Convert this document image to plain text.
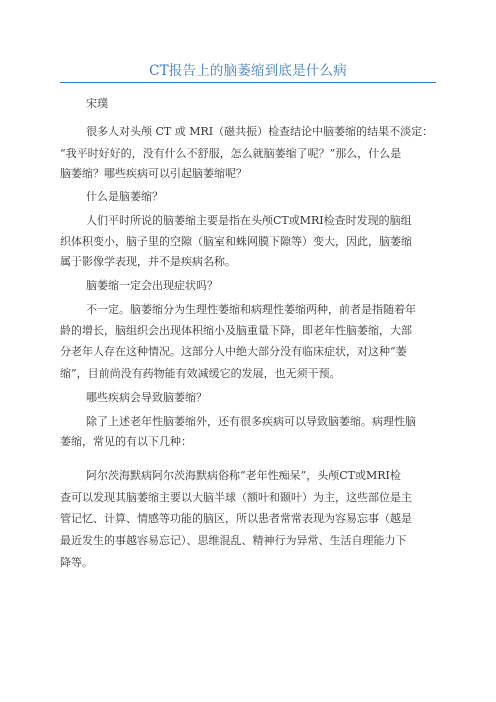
CT报告上的脑萎缩到底是什么病
宋璞
很多人对头颅 CT 或 MRI（磁共振）检查结论中脑萎缩的结果不淡定：
“我平时好好的，没有什么不舒服，怎么就脑萎缩了呢？”那么，什么是
脑萎缩？哪些疾病可以引起脑萎缩呢？
什么是脑萎缩？
人们平时所说的脑萎缩主要是指在头颅CT或MRI检查时发现的脑组
织体积变小，脑子里的空隙（脑室和蛛网膜下隙等）变大，因此，脑萎缩
属于影像学表现，并不是疾病名称。
脑萎缩一定会出现症状吗？
不一定。脑萎缩分为生理性萎缩和病理性萎缩两种，前者是指随着年
龄的增长，脑组织会出现体积缩小及脑重量下降，即老年性脑萎缩，大部
分老年人存在这种情况。这部分人中绝大部分没有临床症状，对这种“萎
缩”，目前尚没有药物能有效减缓它的发展，也无须干预。
哪些疾病会导致脑萎缩？
除了上述老年性脑萎缩外，还有很多疾病可以导致脑萎缩。病理性脑
萎缩，常见的有以下几种：
阿尔茨海默病阿尔茨海默病俗称“老年性痴呆”，头颅CT或MRI检
查可以发现其脑萎缩主要以大脑半球（额叶和颞叶）为主，这些部位是主
管记忆、计算、情感等功能的脑区，所以患者常常表现为容易忘事（越是
最近发生的事越容易忘记）、思维混乱、精神行为异常、生活自理能力下
降等。
